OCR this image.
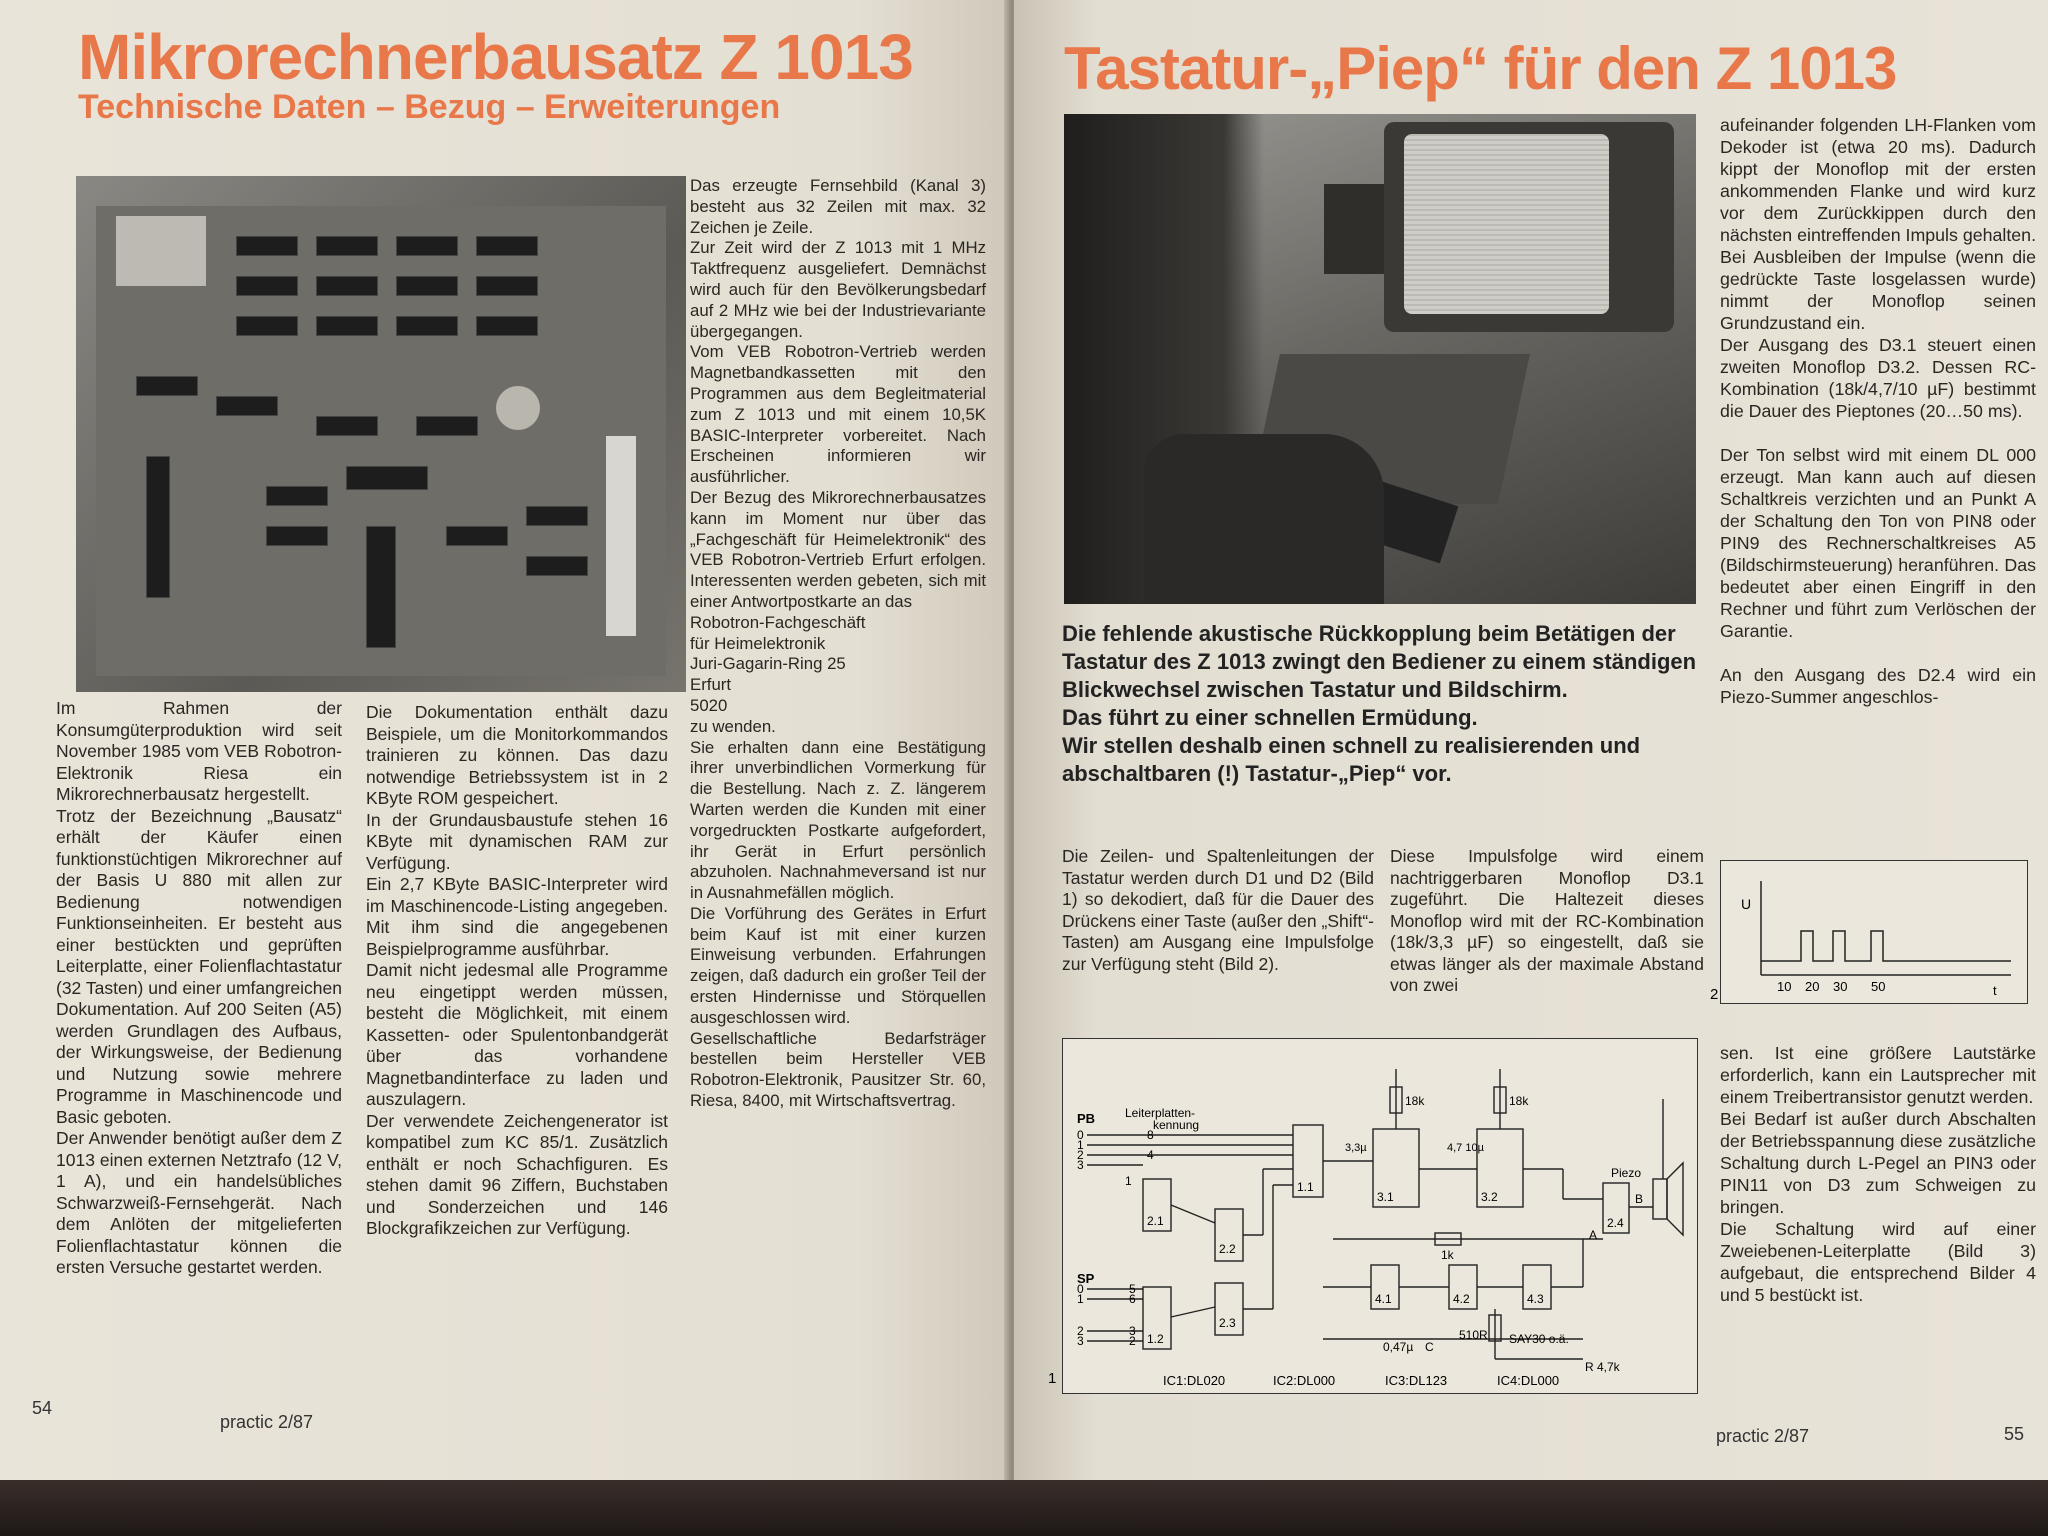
Mikrorechnerbausatz Z 1013
Technische Daten – Bezug – Erweiterungen

Im Rahmen der Konsumgüterproduktion wird seit November 1985 vom VEB Robotron-Elektronik Riesa ein Mikrorechnerbausatz hergestellt.

Trotz der Bezeichnung „Bausatz“ erhält der Käufer einen funktionstüchtigen Mikrorechner auf der Basis U 880 mit allen zur Bedienung notwendigen Funktionseinheiten. Er besteht aus einer bestückten und geprüften Leiterplatte, einer Folienflachtastatur (32 Tasten) und einer umfangreichen Dokumentation. Auf 200 Seiten (A5) werden Grundlagen des Aufbaus, der Wirkungsweise, der Bedienung und Nutzung sowie mehrere Programme in Maschinencode und Basic geboten.

Der Anwender benötigt außer dem Z 1013 einen externen Netztrafo (12 V, 1 A), und ein handelsübliches Schwarzweiß-Fernsehgerät. Nach dem Anlöten der mitgelieferten Folienflachtastatur können die ersten Versuche gestartet werden.

Die Dokumentation enthält dazu Beispiele, um die Monitorkommandos trainieren zu können. Das dazu notwendige Betriebssystem ist in 2 KByte ROM gespeichert.

In der Grundausbaustufe stehen 16 KByte mit dynamischen RAM zur Verfügung.

Ein 2,7 KByte BASIC-Interpreter wird im Maschinencode-Listing angegeben. Mit ihm sind die angegebenen Beispielprogramme ausführbar.

Damit nicht jedesmal alle Programme neu eingetippt werden müssen, besteht die Möglichkeit, mit einem Kassetten- oder Spulentonbandgerät über das vorhandene Magnetbandinterface zu laden und auszulagern.

Der verwendete Zeichengenerator ist kompatibel zum KC 85/1. Zusätzlich enthält er noch Schachfiguren. Es stehen damit 96 Ziffern, Buchstaben und Sonderzeichen und 146 Blockgrafikzeichen zur Verfügung.

Das erzeugte Fernsehbild (Kanal 3) besteht aus 32 Zeilen mit max. 32 Zeichen je Zeile.

Zur Zeit wird der Z 1013 mit 1 MHz Taktfrequenz ausgeliefert. Demnächst wird auch für den Bevölkerungsbedarf auf 2 MHz wie bei der Industrievariante übergegangen.

Vom VEB Robotron-Vertrieb werden Magnetbandkassetten mit den Programmen aus dem Begleitmaterial zum Z 1013 und mit einem 10,5K BASIC-Interpreter vorbereitet. Nach Erscheinen informieren wir ausführlicher.

Der Bezug des Mikrorechnerbausatzes kann im Moment nur über das „Fachgeschäft für Heimelektronik“ des VEB Robotron-Vertrieb Erfurt erfolgen. Interessenten werden gebeten, sich mit einer Antwortpostkarte an das

Robotron-Fachgeschäft

für Heimelektronik

Juri-Gagarin-Ring 25

Erfurt

5020

zu wenden.

Sie erhalten dann eine Bestätigung ihrer unverbindlichen Vormerkung für die Bestellung. Nach z. Z. längerem Warten werden die Kunden mit einer vorgedruckten Postkarte aufgefordert, ihr Gerät in Erfurt persönlich abzuholen. Nachnahmeversand ist nur in Ausnahmefällen möglich.

Die Vorführung des Gerätes in Erfurt beim Kauf ist mit einer kurzen Einweisung verbunden. Erfahrungen zeigen, daß dadurch ein großer Teil der ersten Hindernisse und Störquellen ausgeschlossen wird.

Gesellschaftliche Bedarfsträger bestellen beim Hersteller VEB Robotron-Elektronik, Pausitzer Str. 60, Riesa, 8400, mit Wirtschaftsvertrag.

54
practic 2/87
Tastatur-„Piep“ für den Z 1013
Die fehlende akustische Rückkopplung beim Betätigen der Tastatur des Z 1013 zwingt den Bediener zu einem ständigen Blickwechsel zwischen Tastatur und Bildschirm.
Das führt zu einer schnellen Ermüdung.
Wir stellen deshalb einen schnell zu realisierenden und abschaltbaren (!) Tastatur-„Piep“ vor.
Die Zeilen- und Spaltenleitungen der Tastatur werden durch D1 und D2 (Bild 1) so dekodiert, daß für die Dauer des Drückens einer Taste (außer den „Shift“-Tasten) am Ausgang eine Impulsfolge zur Verfügung steht (Bild 2).
Diese Impulsfolge wird einem nachtriggerbaren Monoflop D3.1 zugeführt. Die Haltezeit dieses Monoflop wird mit der RC-Kombination (18k/3,3 µF) so eingestellt, daß sie etwas länger als der maximale Abstand von zwei

aufeinander folgenden LH-Flanken vom Dekoder ist (etwa 20 ms). Dadurch kippt der Monoflop mit der ersten ankommenden Flanke und wird kurz vor dem Zurückkippen durch den nächsten eintreffenden Impuls gehalten. Bei Ausbleiben der Impulse (wenn die gedrückte Taste losgelassen wurde) nimmt der Monoflop seinen Grundzustand ein.

Der Ausgang des D3.1 steuert einen zweiten Monoflop D3.2. Dessen RC-Kombination (18k/4,7/10 µF) bestimmt die Dauer des Pieptones (20…50 ms).

Der Ton selbst wird mit einem DL 000 erzeugt. Man kann auch auf diesen Schaltkreis verzichten und an Punkt A der Schaltung den Ton von PIN8 oder PIN9 des Rechnerschaltkreises A5 (Bildschirmsteuerung) heranführen. Das bedeutet aber einen Eingriff in den Rechner und führt zum Verlöschen der Garantie.

An den Ausgang des D2.4 wird ein Piezo-Summer angeschlos-

U
t
10 20 30 50
2
PB
SP
Leiterplatten-
kennung
0
1
2
3
0
1
2
3
8
4
1
5
6
3
2
2.1
2.2
2.3
1.1
1.2
4.1	4.2	4.3
2.4
3.1	3.2
18k	18k
3,3µ	4,7 10µ
1k
0,47µ C
510R SAY30 o.ä.
R 4,7k
Piezo
A
B
IC1:DL020	IC2:DL000	IC3:DL123	IC4:DL000
1

sen. Ist eine größere Lautstärke erforderlich, kann ein Lautsprecher mit einem Treibertransistor genutzt werden.

Bei Bedarf ist außer durch Abschalten der Betriebsspannung diese zusätzliche Schaltung durch L-Pegel an PIN3 oder PIN11 von D3 zum Schweigen zu bringen.

Die Schaltung wird auf einer Zweiebenen-Leiterplatte (Bild 3) aufgebaut, die entsprechend Bilder 4 und 5 bestückt ist.

practic 2/87	55
